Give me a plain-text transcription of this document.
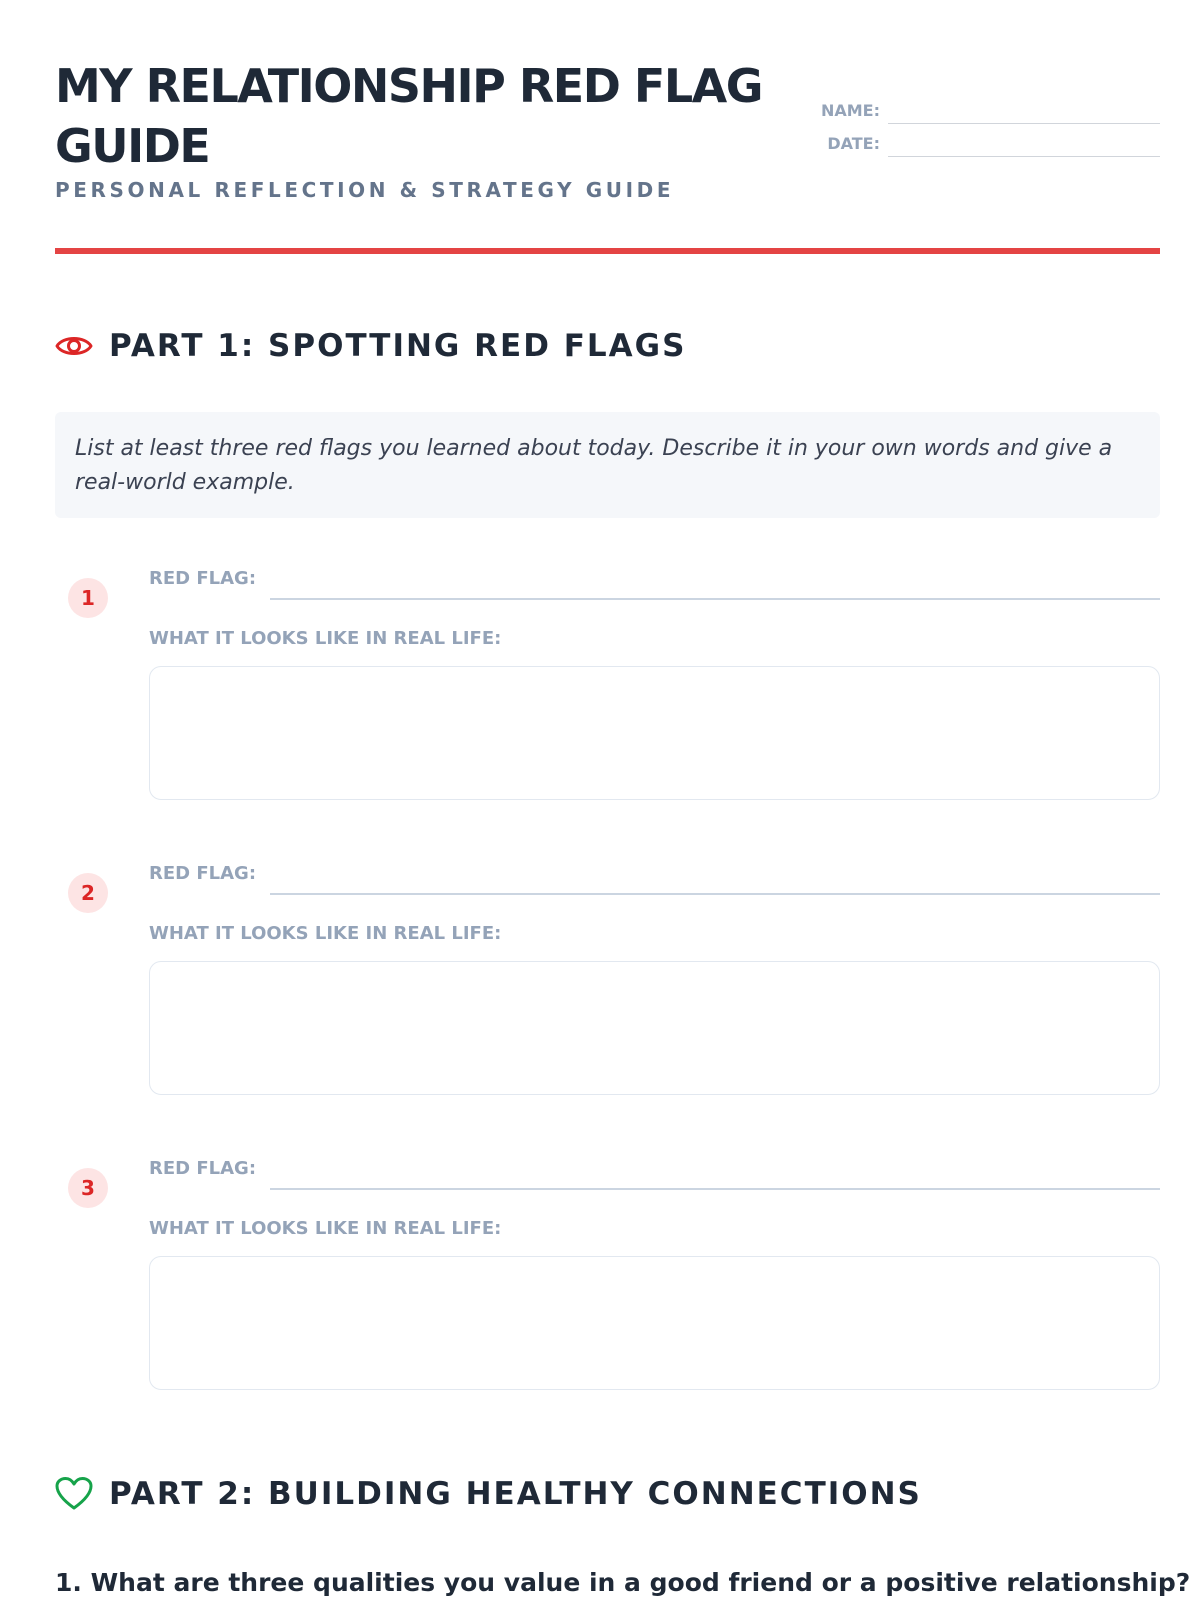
MY RELATIONSHIP RED FLAG GUIDE
PERSONAL REFLECTION & STRATEGY GUIDE
NAME:
DATE:
PART 1: SPOTTING RED FLAGS
List at least three red flags you learned about today. Describe it in your own words and give a real-world example.
1
RED FLAG:
WHAT IT LOOKS LIKE IN REAL LIFE:
2
RED FLAG:
WHAT IT LOOKS LIKE IN REAL LIFE:
3
RED FLAG:
WHAT IT LOOKS LIKE IN REAL LIFE:
PART 2: BUILDING HEALTHY CONNECTIONS
1. What are three qualities you value in a good friend or a positive relationship?
